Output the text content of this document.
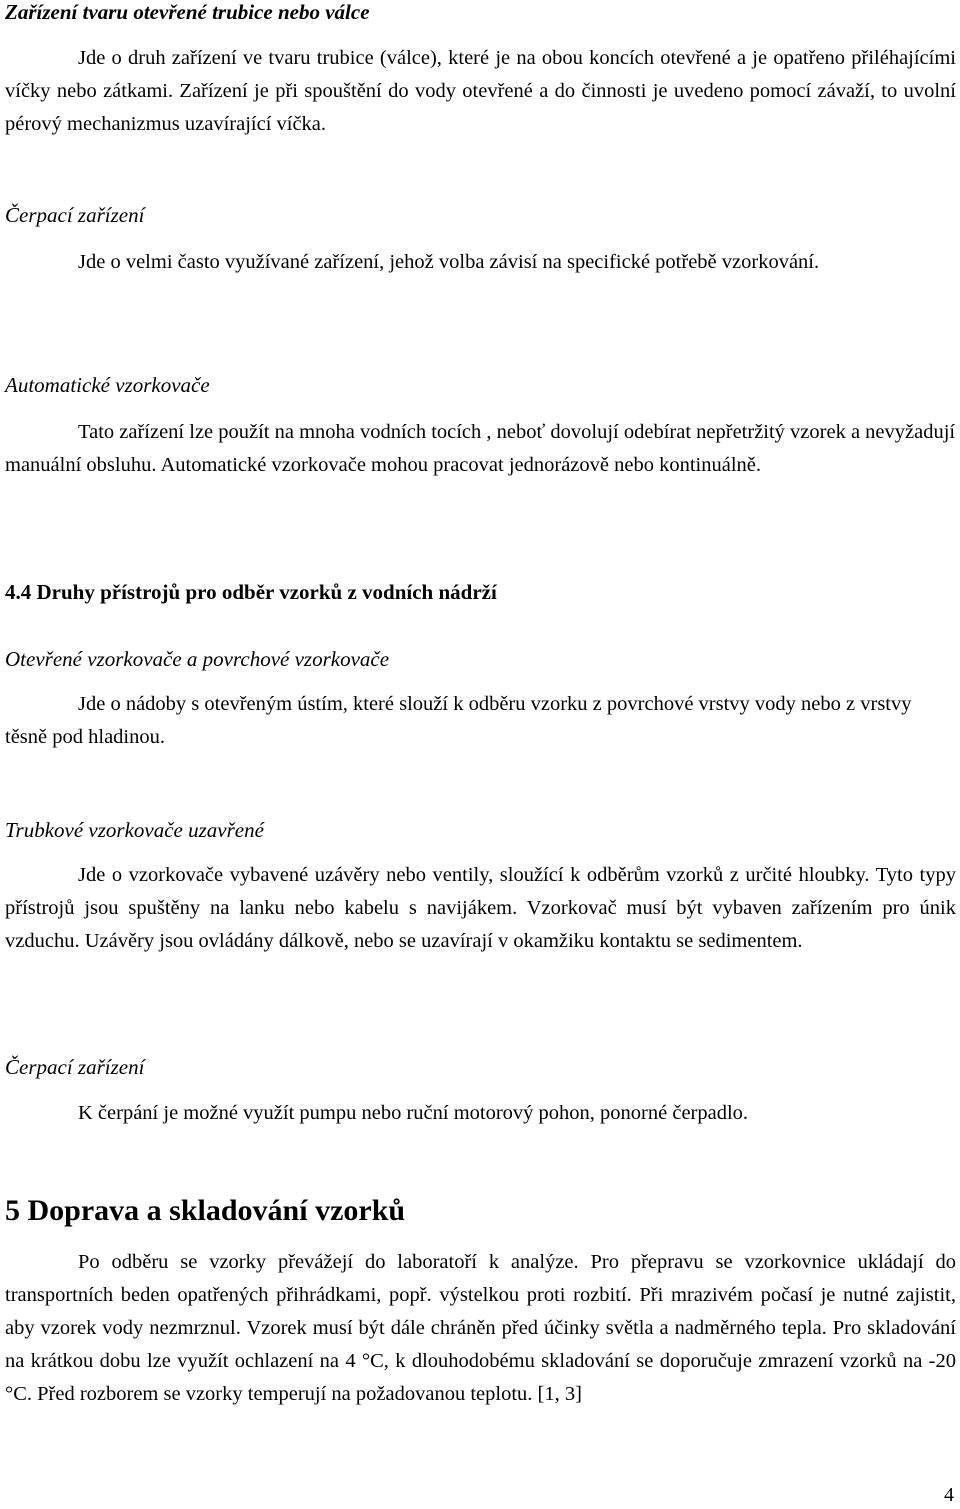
Zařízení tvaru otevřené trubice nebo válce

Jde o druh zařízení ve tvaru trubice (válce), které je na obou koncích otevřené a je opatřeno přiléhajícími víčky nebo zátkami. Zařízení je při spouštění do vody otevřené a do činnosti je uvedeno pomocí závaží, to uvolní pérový mechanizmus uzavírající víčka.

Čerpací zařízení

Jde o velmi často využívané zařízení, jehož volba závisí na specifické potřebě vzorkování.

Automatické vzorkovače

Tato zařízení lze použít na mnoha vodních tocích , neboť dovolují odebírat nepřetržitý vzorek a nevyžadují manuální obsluhu. Automatické vzorkovače mohou pracovat jednorázově nebo kontinuálně.

4.4 Druhy přístrojů pro odběr vzorků z vodních nádrží
Otevřené vzorkovače a povrchové vzorkovače

Jde o nádoby s otevřeným ústím, které slouží k odběru vzorku z povrchové vrstvy vody nebo z vrstvy těsně pod hladinou.

Trubkové vzorkovače uzavřené

Jde o vzorkovače vybavené uzávěry nebo ventily, sloužící k odběrům vzorků z určité hloubky. Tyto typy přístrojů jsou spuštěny na lanku nebo kabelu s navijákem. Vzorkovač musí být vybaven zařízením pro únik vzduchu. Uzávěry jsou ovládány dálkově, nebo se uzavírají v okamžiku kontaktu se sedimentem.

Čerpací zařízení

K čerpání je možné využít pumpu nebo ruční motorový pohon, ponorné čerpadlo.

5 Doprava a skladování vzorků

Po odběru se vzorky převážejí do laboratoří k analýze. Pro přepravu se vzorkovnice ukládají do transportních beden opatřených přihrádkami, popř. výstelkou proti rozbití. Při mrazivém počasí je nutné zajistit, aby vzorek vody nezmrznul. Vzorek musí být dále chráněn před účinky světla a nadměrného tepla. Pro skladování na krátkou dobu lze využít ochlazení na 4 °C, k dlouhodobému skladování se doporučuje zmrazení vzorků na -20 °C. Před rozborem se vzorky temperují na požadovanou teplotu. [1, 3]

4
